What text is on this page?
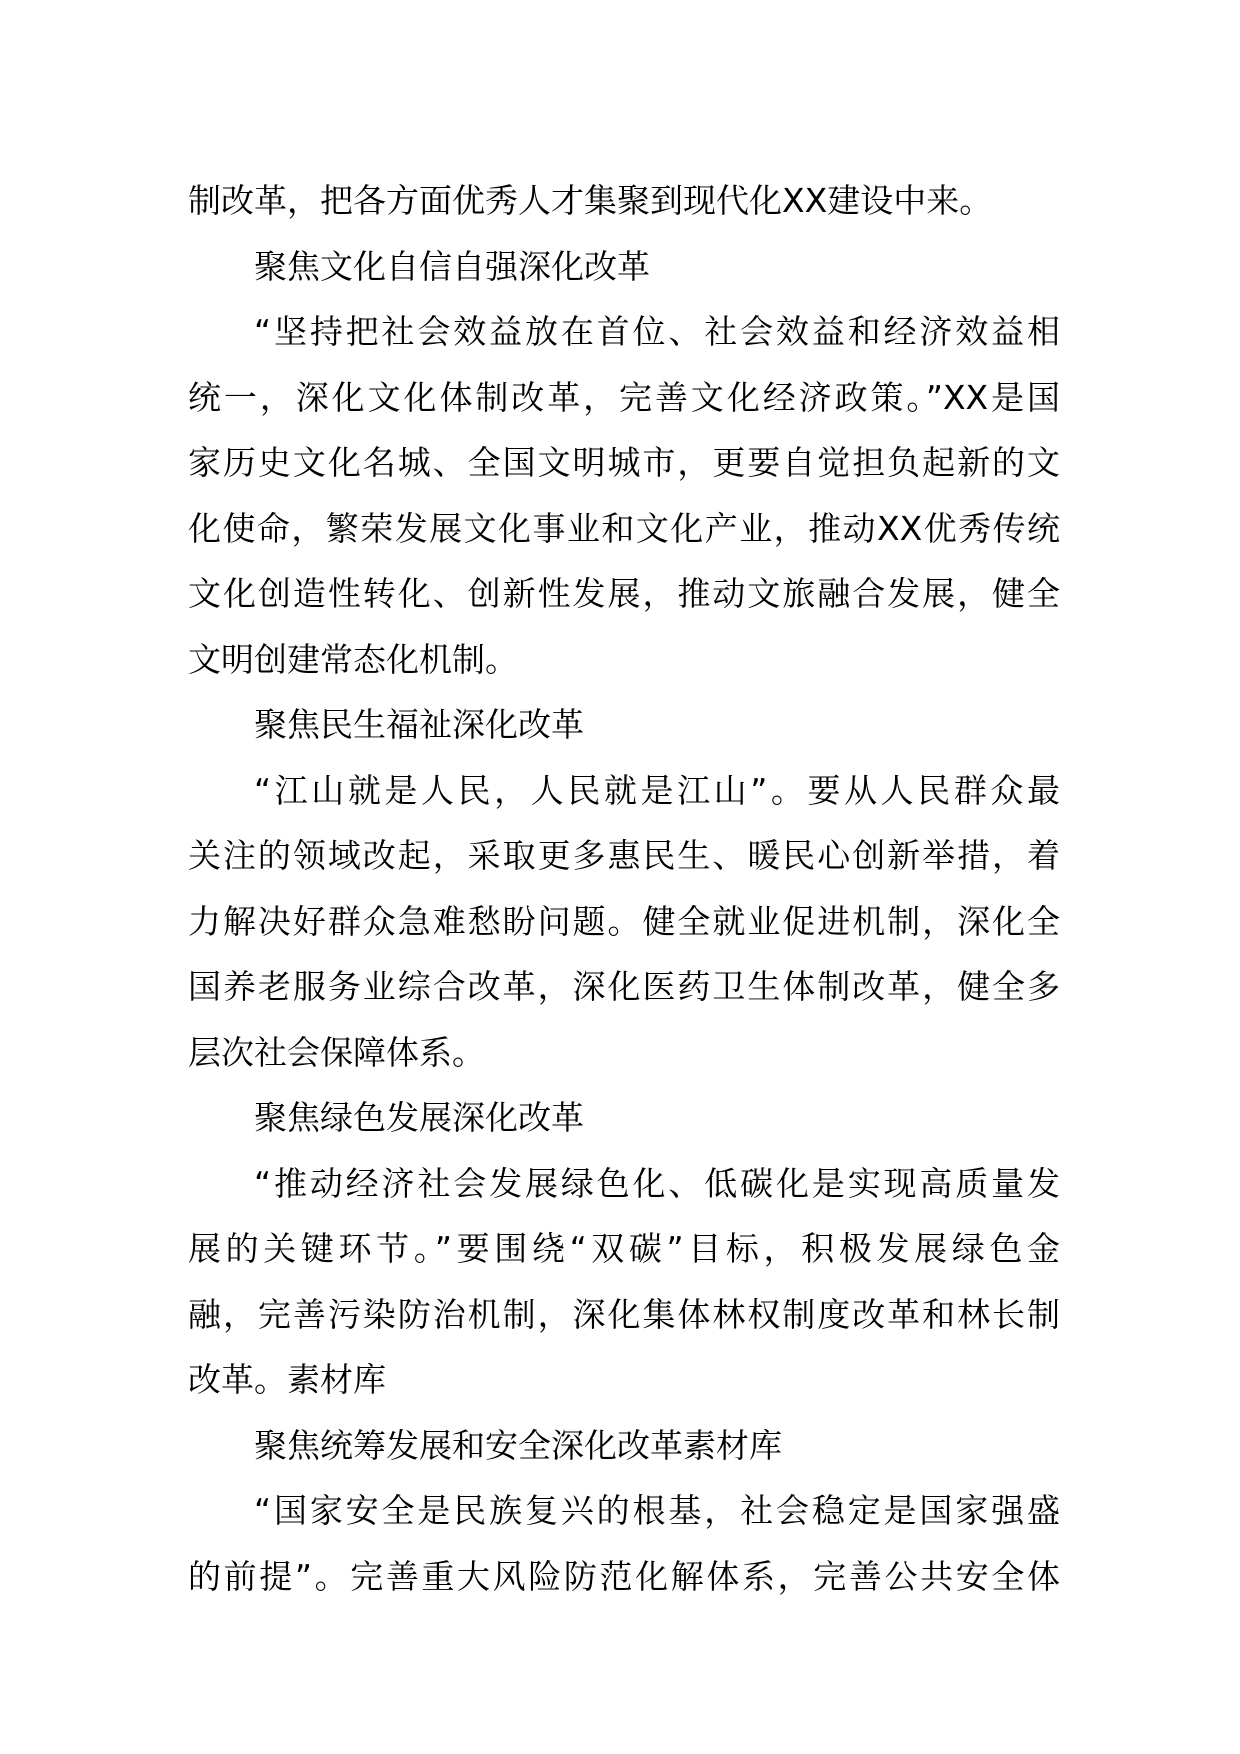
制改革，把各方面优秀人才集聚到现代化XX建设中来。
聚焦文化自信自强深化改革
“坚持把社会效益放在首位、社会效益和经济效益相
统一，深化文化体制改革，完善文化经济政策。”XX是国
家历史文化名城、全国文明城市，更要自觉担负起新的文
化使命，繁荣发展文化事业和文化产业，推动XX优秀传统
文化创造性转化、创新性发展，推动文旅融合发展，健全
文明创建常态化机制。
聚焦民生福祉深化改革
“江山就是人民，人民就是江山”。要从人民群众最
关注的领域改起，采取更多惠民生、暖民心创新举措，着
力解决好群众急难愁盼问题。健全就业促进机制，深化全
国养老服务业综合改革，深化医药卫生体制改革，健全多
层次社会保障体系。
聚焦绿色发展深化改革
“推动经济社会发展绿色化、低碳化是实现高质量发
展的关键环节。”要围绕“双碳”目标，积极发展绿色金
融，完善污染防治机制，深化集体林权制度改革和林长制
改革。素材库
聚焦统筹发展和安全深化改革素材库
“国家安全是民族复兴的根基，社会稳定是国家强盛
的前提”。完善重大风险防范化解体系，完善公共安全体
